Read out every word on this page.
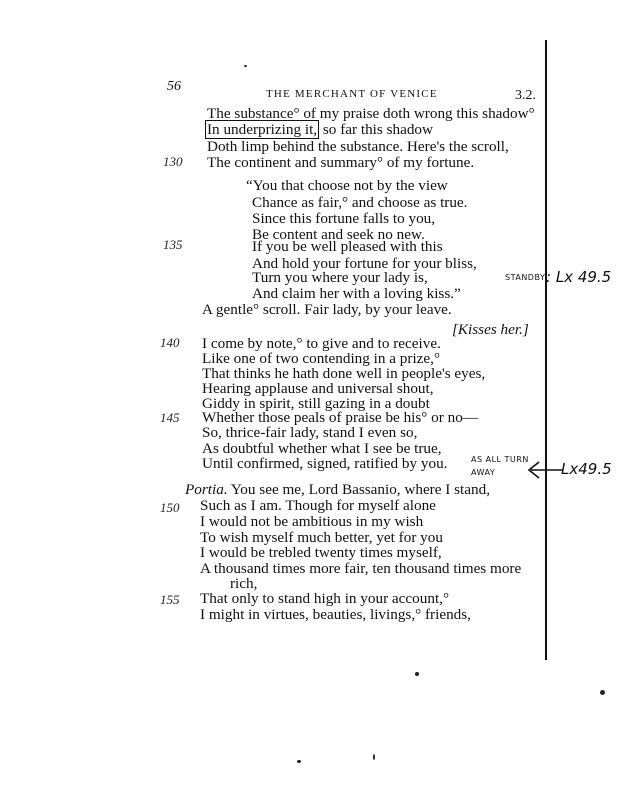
56	THE MERCHANT OF VENICE	3.2.
130
135
140
145
150
155
The substance° of my praise doth wrong this shadow°
In underprizing it, so far this shadow
Doth limp behind the substance. Here's the scroll,
The continent and summary° of my fortune.
“You that choose not by the view
Chance as fair,° and choose as true.
Since this fortune falls to you,
Be content and seek no new.
If you be well pleased with this
And hold your fortune for your bliss,
Turn you where your lady is,
And claim her with a loving kiss.”
A gentle° scroll. Fair lady, by your leave.
[Kisses her.]
I come by note,° to give and to receive.
Like one of two contending in a prize,°
That thinks he hath done well in people's eyes,
Hearing applause and universal shout,
Giddy in spirit, still gazing in a doubt
Whether those peals of praise be his° or no—
So, thrice-fair lady, stand I even so,
As doubtful whether what I see be true,
Until confirmed, signed, ratified by you.
Portia. You see me, Lord Bassanio, where I stand,
Such as I am. Though for myself alone
I would not be ambitious in my wish
To wish myself much better, yet for you
I would be trebled twenty times myself,
A thousand times more fair, ten thousand times more
rich,
That only to stand high in your account,°
I might in virtues, beauties, livings,° friends,
STANDBY : Lx 49.5
AS ALL TURN
AWAY	Lx49.5
